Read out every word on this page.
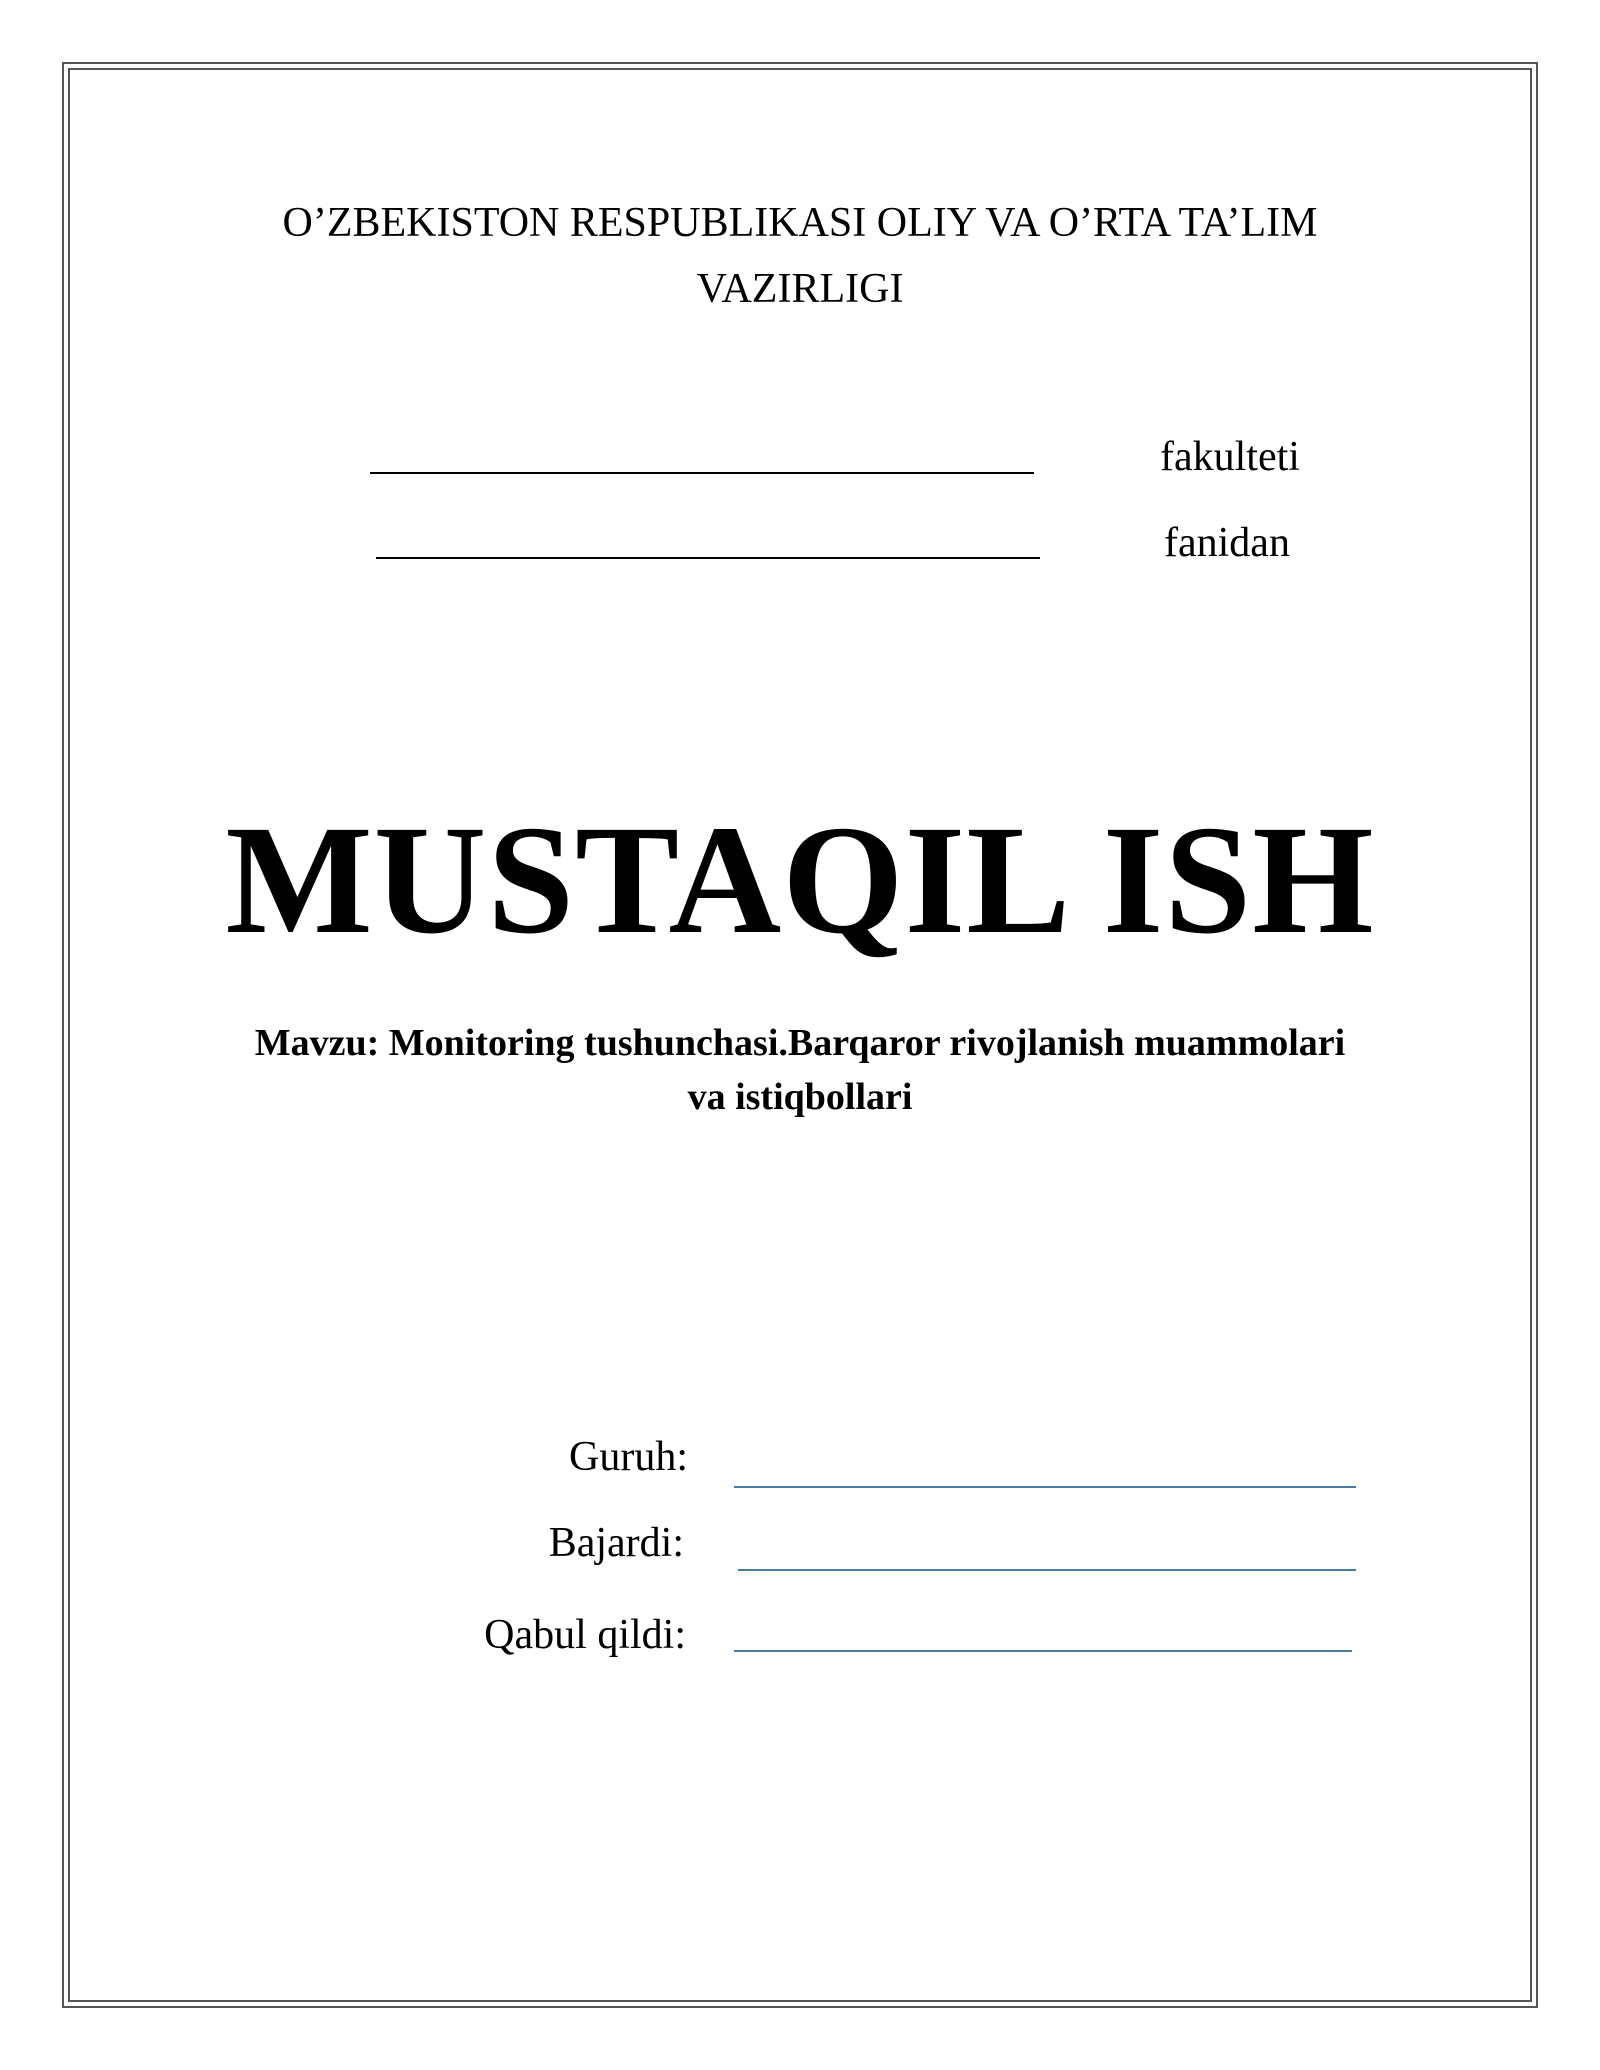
O’ZBEKISTON RESPUBLIKASI OLIY VA O’RTA TA’LIM
VAZIRLIGI
fakulteti
fanidan
MUSTAQIL ISH
Mavzu: Monitoring tushunchasi.Barqaror rivojlanish muammolari
va istiqbollari
Guruh:
Bajardi:
Qabul qildi:
